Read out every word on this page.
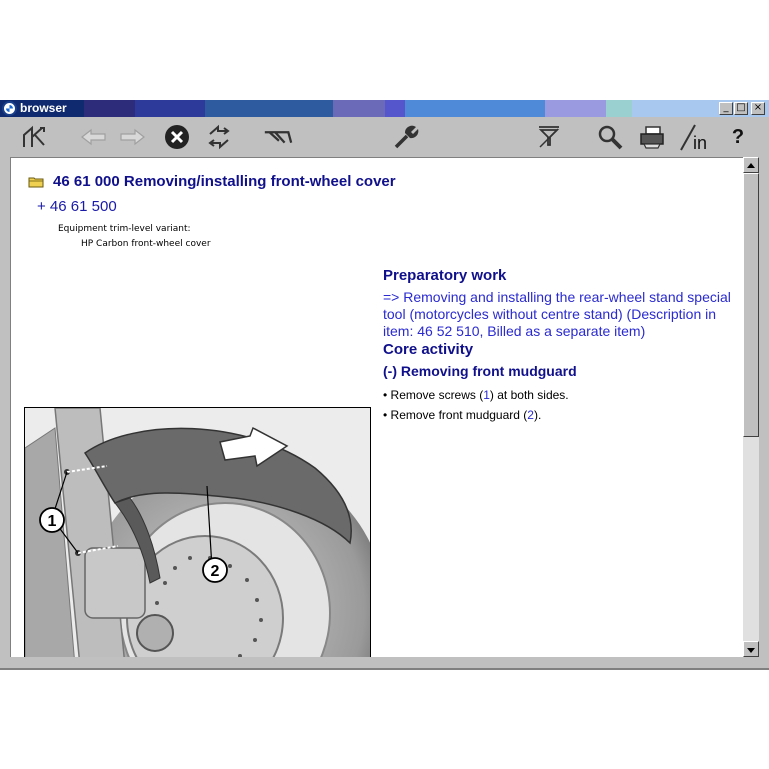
browser	_ □ ×
in ?
46 61 000 Removing/installing front-wheel cover
+ 46 61 500
Equipment trim-level variant:
HP Carbon front-wheel cover

Preparatory work

=> Removing and installing the rear-wheel stand special tool (motorcycles without centre stand) (Description in item: 46 52 510, Billed as a separate item)

Core activity

(-) Removing front mudguard

• Remove screws (1) at both sides.

• Remove front mudguard (2).

1
2
